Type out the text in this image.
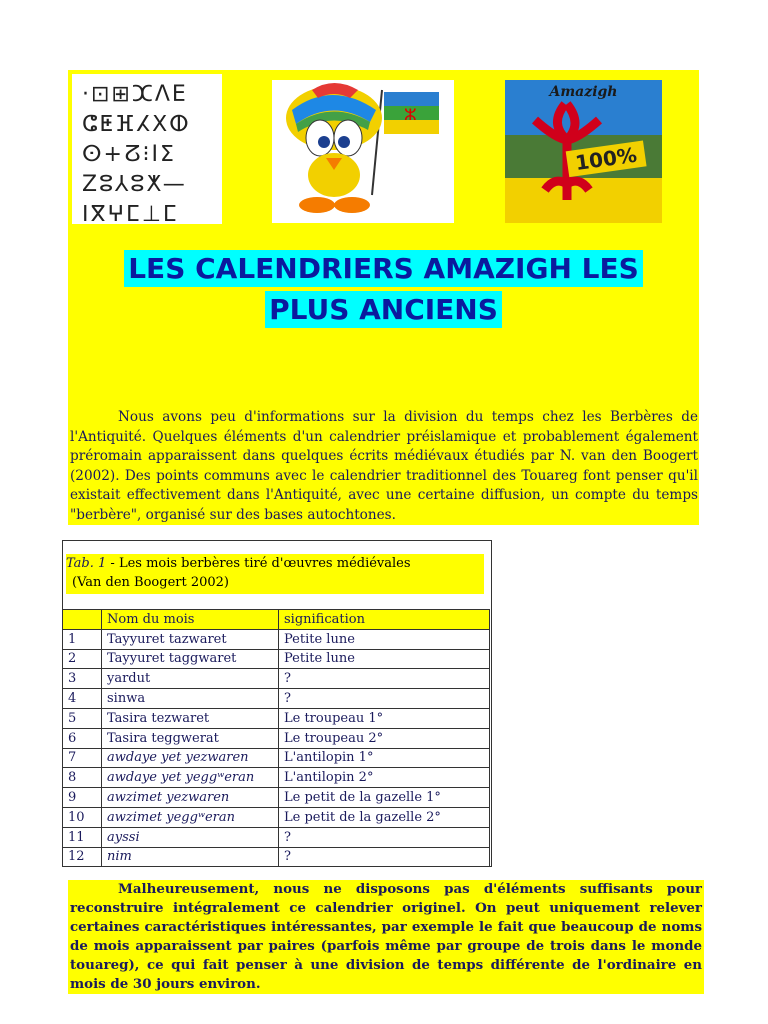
·⊡⊞ⵋΛΕ
ⵛⵟⴼⵃⵝⵀ
ⵙ+ⵒ⁝Ⅰⵉ
Zⵓ⅄ⵓⵅ—
ⵏⴳⵖⵎ⊥ⵎ
ⵣ
Amazigh
100%
LES CALENDRIERS AMAZIGH LES
PLUS ANCIENS
Nous avons peu d'informations sur la division du temps chez les Berbères de l'Antiquité. Quelques éléments d'un calendrier préislamique et probablement également préromain apparaissent dans quelques écrits médiévaux étudiés par N. van den Boogert (2002). Des points communs avec le calendrier traditionnel des Touareg font penser qu'il existait effectivement dans l'Antiquité, avec une certaine diffusion, un compte du temps "berbère", organisé sur des bases autochtones.
Tab. 1 - Les mois berbères tiré d'œuvres médiévales
(Van den Boogert 2002)
	Nom du mois	signification
1	Tayyuret tazwaret	Petite lune
2	Tayyuret taggwaret	Petite lune
3	yardut	?
4	sinwa	?
5	Tasira tezwaret	Le troupeau 1°
6	Tasira teggwerat	Le troupeau 2°
7	awdaye yet yezwaren	L'antilopin 1°
8	awdaye yet yeggʷeran	L'antilopin 2°
9	awzimet yezwaren	Le petit de la gazelle 1°
10	awzimet yeggʷeran	Le petit de la gazelle 2°
11	ayssi	?
12	nim	?
Malheureusement, nous ne disposons pas d'éléments suffisants pour reconstruire intégralement ce calendrier originel. On peut uniquement relever certaines caractéristiques intéressantes, par exemple le fait que beaucoup de noms de mois apparaissent par paires (parfois même par groupe de trois dans le monde touareg), ce qui fait penser à une division de temps différente de l'ordinaire en mois de 30 jours environ.
